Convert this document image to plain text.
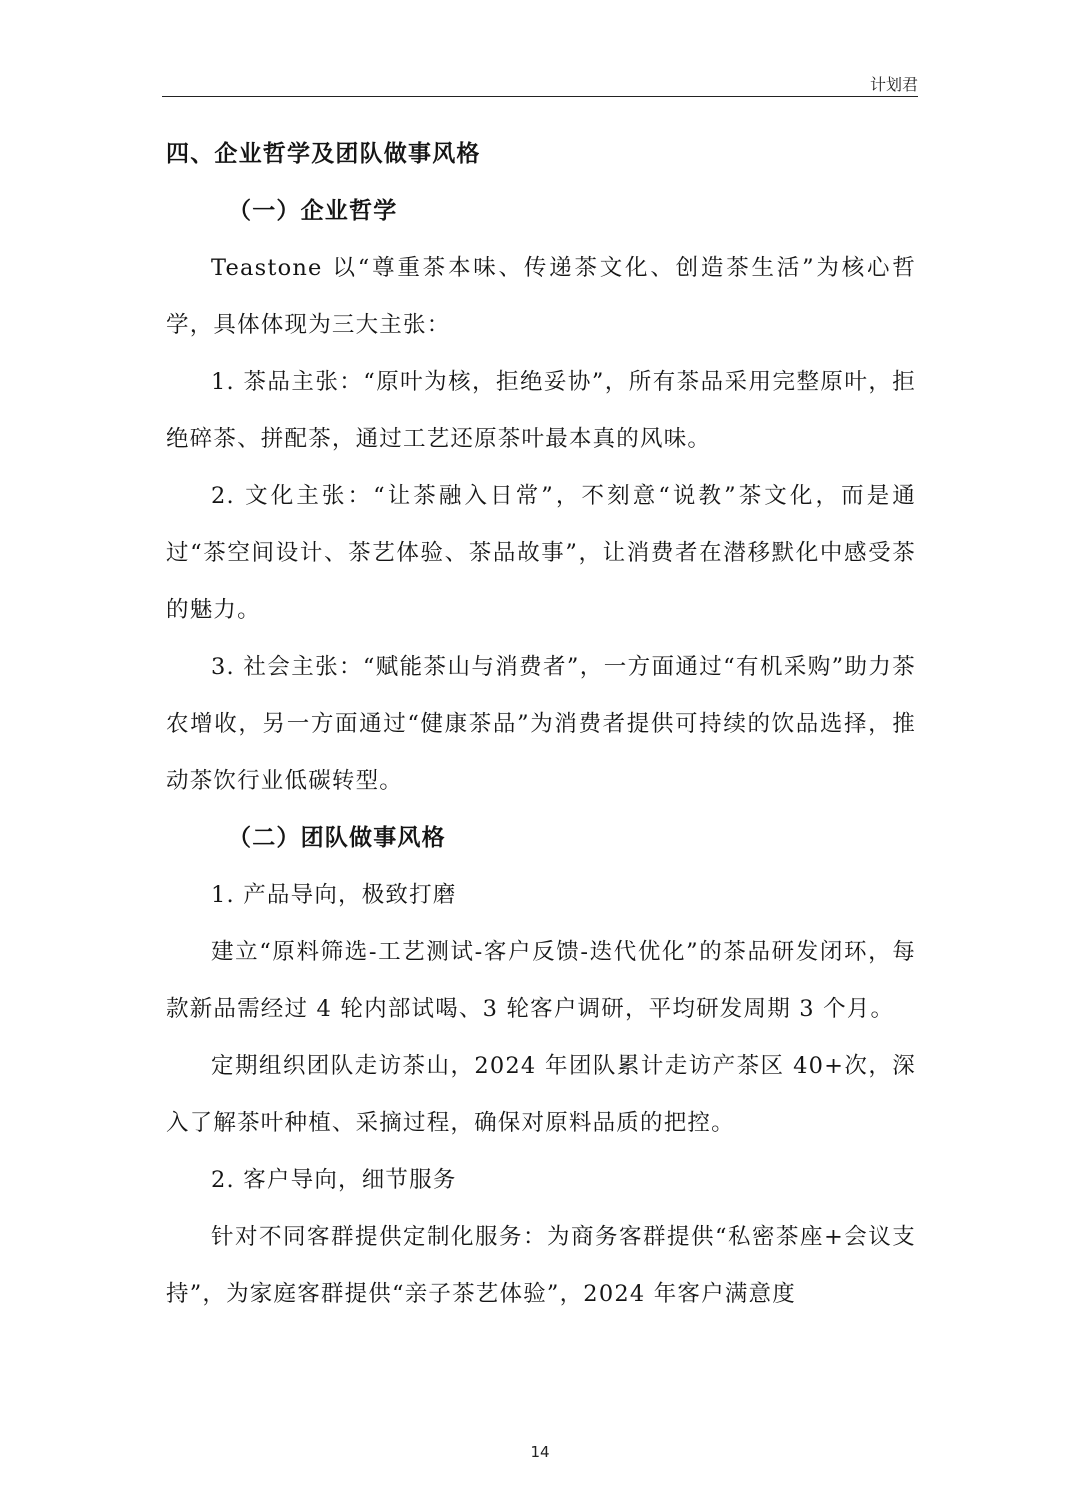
计划君

四、企业哲学及团队做事风格

（一）企业哲学

Teastone 以“尊重茶本味、传递茶文化、创造茶生活”为核心哲学，具体体现为三大主张：

1. 茶品主张：“原叶为核，拒绝妥协”，所有茶品采用完整原叶，拒绝碎茶、拼配茶，通过工艺还原茶叶最本真的风味。

2. 文化主张：“让茶融入日常”，不刻意“说教”茶文化，而是通过“茶空间设计、茶艺体验、茶品故事”，让消费者在潜移默化中感受茶的魅力。

3. 社会主张：“赋能茶山与消费者”，一方面通过“有机采购”助力茶农增收，另一方面通过“健康茶品”为消费者提供可持续的饮品选择，推动茶饮行业低碳转型。

（二）团队做事风格

1. 产品导向，极致打磨

建立“原料筛选-工艺测试-客户反馈-迭代优化”的茶品研发闭环，每款新品需经过 4 轮内部试喝、3 轮客户调研，平均研发周期 3 个月。

定期组织团队走访茶山，2024 年团队累计走访产茶区 40+次，深入了解茶叶种植、采摘过程，确保对原料品质的把控。

2. 客户导向，细节服务

针对不同客群提供定制化服务：为商务客群提供“私密茶座+会议支持”，为家庭客群提供“亲子茶艺体验”，2024 年客户满意度

14
